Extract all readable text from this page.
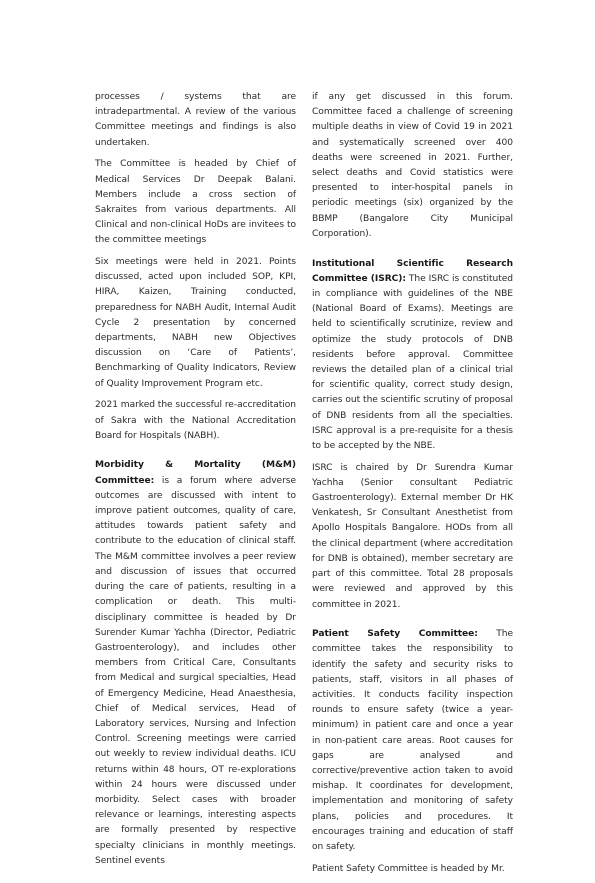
processes / systems that are intradepartmental. A review of the various Committee meetings and findings is also undertaken.

The Committee is headed by Chief of Medical Services Dr Deepak Balani. Members include a cross section of Sakraites from various departments. All Clinical and non-clinical HoDs are invitees to the committee meetings

Six meetings were held in 2021. Points discussed, acted upon included SOP, KPI, HIRA, Kaizen, Training conducted, preparedness for NABH Audit, Internal Audit Cycle 2 presentation by concerned departments, NABH new Objectives discussion on ‘Care of Patients’, Benchmarking of Quality Indicators, Review of Quality Improvement Program etc.

2021 marked the successful re-accreditation of Sakra with the National Accreditation Board for Hospitals (NABH).

Morbidity & Mortality (M&M) Committee: is a forum where adverse outcomes are discussed with intent to improve patient outcomes, quality of care, attitudes towards patient safety and contribute to the education of clinical staff. The M&M committee involves a peer review and discussion of issues that occurred during the care of patients, resulting in a complication or death. This multi-disciplinary committee is headed by Dr Surender Kumar Yachha (Director, Pediatric Gastroenterology), and includes other members from Critical Care, Consultants from Medical and surgical specialties, Head of Emergency Medicine, Head Anaesthesia, Chief of Medical services, Head of Laboratory services, Nursing and Infection Control. Screening meetings were carried out weekly to review individual deaths. ICU returns within 48 hours, OT re-explorations within 24 hours were discussed under morbidity. Select cases with broader relevance or learnings, interesting aspects are formally presented by respective specialty clinicians in monthly meetings. Sentinel events

if any get discussed in this forum. Committee faced a challenge of screening multiple deaths in view of Covid 19 in 2021 and systematically screened over 400 deaths were screened in 2021. Further, select deaths and Covid statistics were presented to inter-hospital panels in periodic meetings (six) organized by the BBMP (Bangalore City Municipal Corporation).

Institutional Scientific Research Committee (ISRC): The ISRC is constituted in compliance with guidelines of the NBE (National Board of Exams). Meetings are held to scientifically scrutinize, review and optimize the study protocols of DNB residents before approval. Committee reviews the detailed plan of a clinical trial for scientific quality, correct study design, carries out the scientific scrutiny of proposal of DNB residents from all the specialties. ISRC approval is a pre-requisite for a thesis to be accepted by the NBE.

ISRC is chaired by Dr Surendra Kumar Yachha (Senior consultant Pediatric Gastroenterology). External member Dr HK Venkatesh, Sr Consultant Anesthetist from Apollo Hospitals Bangalore. HODs from all the clinical department (where accreditation for DNB is obtained), member secretary are part of this committee. Total 28 proposals were reviewed and approved by this committee in 2021.

Patient Safety Committee: The committee takes the responsibility to identify the safety and security risks to patients, staff, visitors in all phases of activities. It conducts facility inspection rounds to ensure safety (twice a year-minimum) in patient care and once a year in non-patient care areas. Root causes for gaps are analysed and corrective/preventive action taken to avoid mishap. It coordinates for development, implementation and monitoring of safety plans, policies and procedures. It encourages training and education of staff on safety.

Patient Safety Committee is headed by Mr.
